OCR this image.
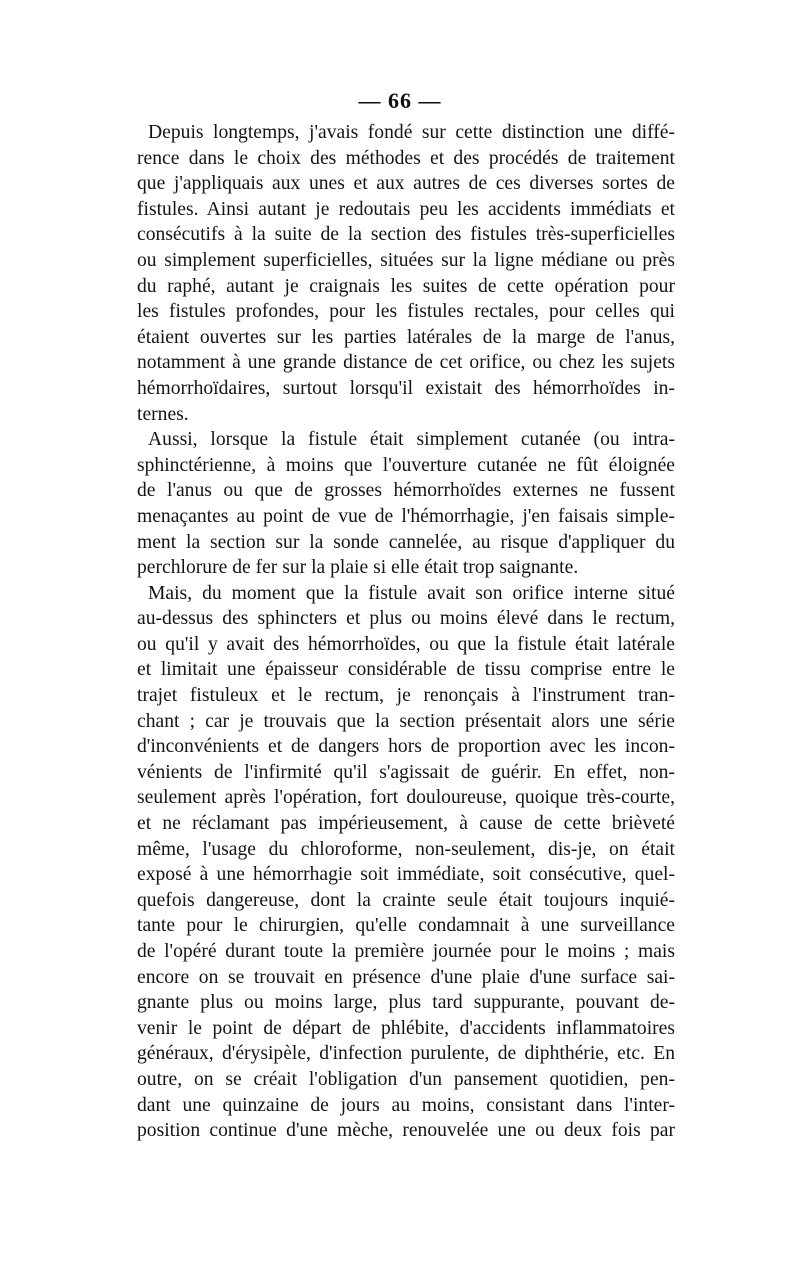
— 66 —
Depuis longtemps, j'avais fondé sur cette distinction une diffé-
rence dans le choix des méthodes et des procédés de traitement
que j'appliquais aux unes et aux autres de ces diverses sortes de
fistules. Ainsi autant je redoutais peu les accidents immédiats et
consécutifs à la suite de la section des fistules très-superficielles
ou simplement superficielles, situées sur la ligne médiane ou près
du raphé, autant je craignais les suites de cette opération pour
les fistules profondes, pour les fistules rectales, pour celles qui
étaient ouvertes sur les parties latérales de la marge de l'anus,
notamment à une grande distance de cet orifice, ou chez les sujets
hémorrhoïdaires, surtout lorsqu'il existait des hémorrhoïdes in-
ternes.
Aussi, lorsque la fistule était simplement cutanée (ou intra-
sphinctérienne, à moins que l'ouverture cutanée ne fût éloignée
de l'anus ou que de grosses hémorrhoïdes externes ne fussent
menaçantes au point de vue de l'hémorrhagie, j'en faisais simple-
ment la section sur la sonde cannelée, au risque d'appliquer du
perchlorure de fer sur la plaie si elle était trop saignante.
Mais, du moment que la fistule avait son orifice interne situé
au-dessus des sphincters et plus ou moins élevé dans le rectum,
ou qu'il y avait des hémorrhoïdes, ou que la fistule était latérale
et limitait une épaisseur considérable de tissu comprise entre le
trajet fistuleux et le rectum, je renonçais à l'instrument tran-
chant ; car je trouvais que la section présentait alors une série
d'inconvénients et de dangers hors de proportion avec les incon-
vénients de l'infirmité qu'il s'agissait de guérir. En effet, non-
seulement après l'opération, fort douloureuse, quoique très-courte,
et ne réclamant pas impérieusement, à cause de cette brièveté
même, l'usage du chloroforme, non-seulement, dis-je, on était
exposé à une hémorrhagie soit immédiate, soit consécutive, quel-
quefois dangereuse, dont la crainte seule était toujours inquié-
tante pour le chirurgien, qu'elle condamnait à une surveillance
de l'opéré durant toute la première journée pour le moins ; mais
encore on se trouvait en présence d'une plaie d'une surface sai-
gnante plus ou moins large, plus tard suppurante, pouvant de-
venir le point de départ de phlébite, d'accidents inflammatoires
généraux, d'érysipèle, d'infection purulente, de diphthérie, etc. En
outre, on se créait l'obligation d'un pansement quotidien, pen-
dant une quinzaine de jours au moins, consistant dans l'inter-
position continue d'une mèche, renouvelée une ou deux fois par
